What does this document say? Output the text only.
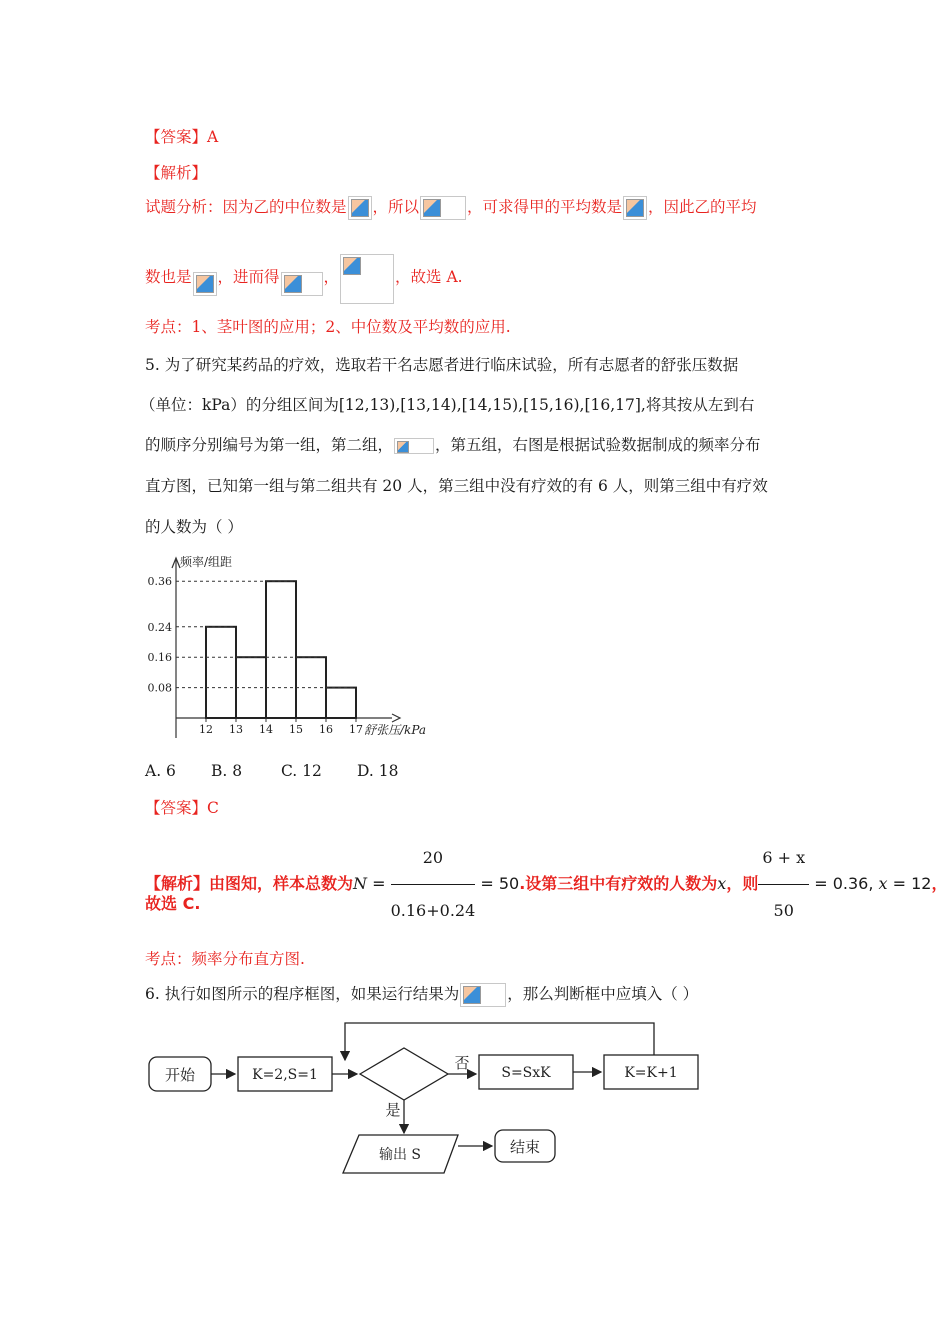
【答案】A
【解析】
试题分析：因为乙的中位数是 ，所以	，可求得甲的平均数是 ，因此乙的平均
数也是 ，进而得	，	，故选 A.
考点：1、茎叶图的应用；2、中位数及平均数的应用.
5. 为了研究某药品的疗效，选取若干名志愿者进行临床试验，所有志愿者的舒张压数据
（单位：kPa）的分组区间为[12,13),[13,14),[14,15),[15,16),[16,17],将其按从左到右
的顺序分别编号为第一组，第二组，	，第五组，右图是根据试验数据制成的频率分布
直方图，已知第一组与第二组共有 20 人，第三组中没有疗效的有 6 人，则第三组中有疗效
的人数为（ ）
0.08
0.16
0.24
0.36
12 13 14 15 16 17
频率/组距
舒张压/kPa
A. 6 B. 8	C. 12 D. 18
【答案】C
【解析】由图知，样本总数为$N = \frac{20}{0.16+0.24} = 50$.设第三组中有疗效的人数为x，则 $\frac{6 + x}{50} = 0.36$, x = 12，
故选 C.
考点：频率分布直方图.
6. 执行如图所示的程序框图，如果运行结果为	，那么判断框中应填入（ ）
开始	K=2,S=1
否
S=SxK	K=K+1
是
输出 S	结束
